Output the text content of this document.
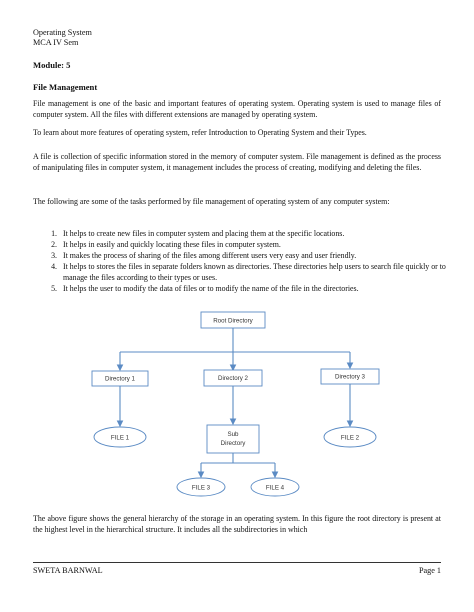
Operating System
MCA IV Sem
Module: 5
File Management

File management is one of the basic and important features of operating system. Operating system is used to manage files of computer system. All the files with different extensions are managed by operating system.

To learn about more features of operating system, refer Introduction to Operating System and their Types.

A file is collection of specific information stored in the memory of computer system. File management is defined as the process of manipulating files in computer system, it management includes the process of creating, modifying and deleting the files.

The following are some of the tasks performed by file management of operating system of any computer system:

1. It helps to create new files in computer system and placing them at the specific locations.
2. It helps in easily and quickly locating these files in computer system.
3. It makes the process of sharing of the files among different users very easy and user friendly.
4. It helps to stores the files in separate folders known as directories. These directories help users to search file quickly or to manage the files according to their types or uses.
5. It helps the user to modify the data of files or to modify the name of the file in the directories.
Root Directory
Directory 1	Directory 2	Directory 3
FILE 1	Sub
Directory
FILE 2
FILE 3	FILE 4

The above figure shows the general hierarchy of the storage in an operating system. In this figure the root directory is present at the highest level in the hierarchical structure. It includes all the subdirectories in which

SWETA BARNWAL	Page 1
